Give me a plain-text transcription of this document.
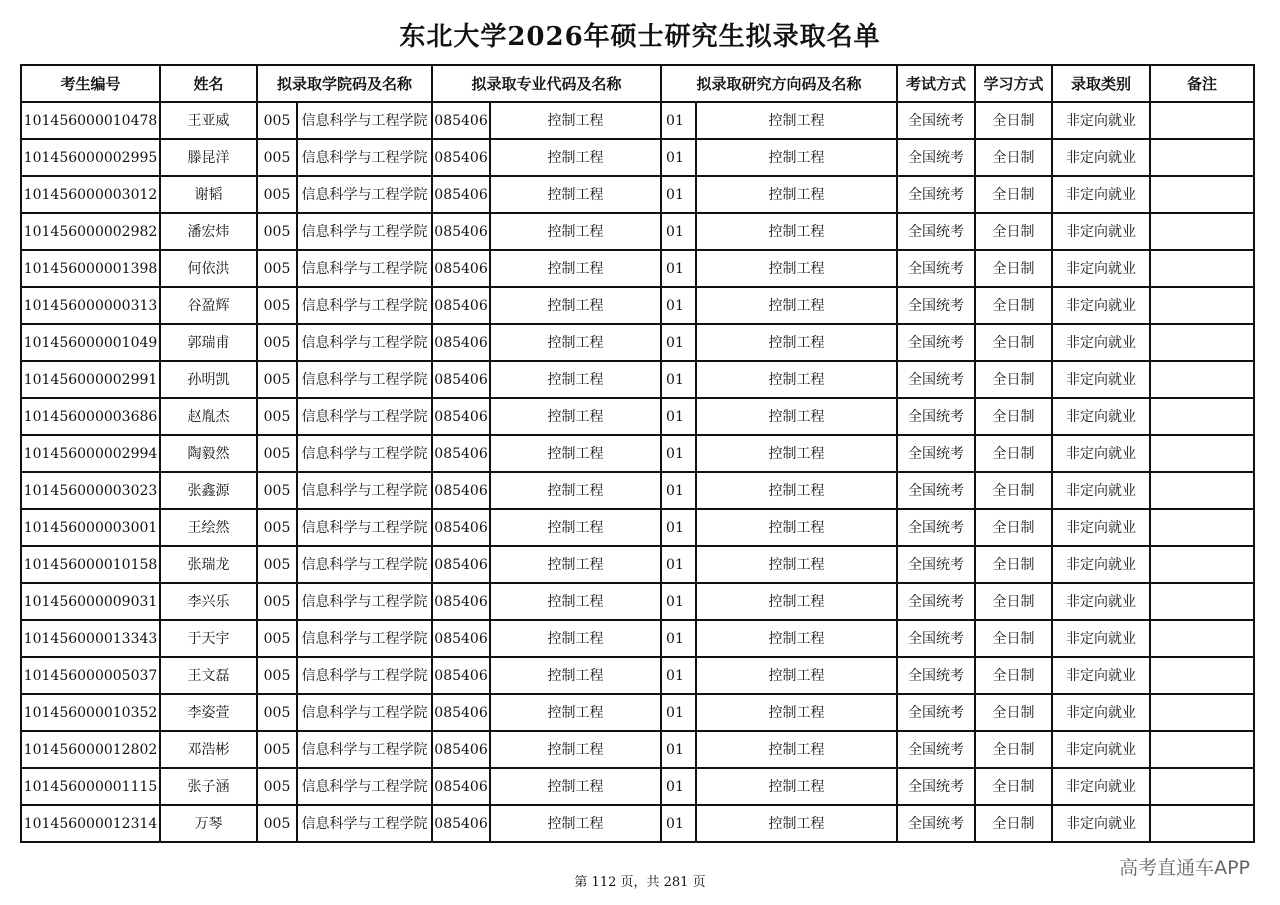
东北大学2026年硕士研究生拟录取名单
考生编号	姓名	拟录取学院码及名称		拟录取专业代码及名称		拟录取研究方向码及名称		考试方式	学习方式	录取类别	备注
101456000010478	王亚威	005	信息科学与工程学院	085406	控制工程	01	控制工程	全国统考	全日制	非定向就业	
101456000002995	滕昆洋	005	信息科学与工程学院	085406	控制工程	01	控制工程	全国统考	全日制	非定向就业	
101456000003012	谢韬	005	信息科学与工程学院	085406	控制工程	01	控制工程	全国统考	全日制	非定向就业	
101456000002982	潘宏炜	005	信息科学与工程学院	085406	控制工程	01	控制工程	全国统考	全日制	非定向就业	
101456000001398	何依洪	005	信息科学与工程学院	085406	控制工程	01	控制工程	全国统考	全日制	非定向就业	
101456000000313	谷盈辉	005	信息科学与工程学院	085406	控制工程	01	控制工程	全国统考	全日制	非定向就业	
101456000001049	郭瑞甫	005	信息科学与工程学院	085406	控制工程	01	控制工程	全国统考	全日制	非定向就业	
101456000002991	孙明凯	005	信息科学与工程学院	085406	控制工程	01	控制工程	全国统考	全日制	非定向就业	
101456000003686	赵胤杰	005	信息科学与工程学院	085406	控制工程	01	控制工程	全国统考	全日制	非定向就业	
101456000002994	陶毅然	005	信息科学与工程学院	085406	控制工程	01	控制工程	全国统考	全日制	非定向就业	
101456000003023	张鑫源	005	信息科学与工程学院	085406	控制工程	01	控制工程	全国统考	全日制	非定向就业	
101456000003001	王绘然	005	信息科学与工程学院	085406	控制工程	01	控制工程	全国统考	全日制	非定向就业	
101456000010158	张瑞龙	005	信息科学与工程学院	085406	控制工程	01	控制工程	全国统考	全日制	非定向就业	
101456000009031	李兴乐	005	信息科学与工程学院	085406	控制工程	01	控制工程	全国统考	全日制	非定向就业	
101456000013343	于天宇	005	信息科学与工程学院	085406	控制工程	01	控制工程	全国统考	全日制	非定向就业	
101456000005037	王文磊	005	信息科学与工程学院	085406	控制工程	01	控制工程	全国统考	全日制	非定向就业	
101456000010352	李姿萱	005	信息科学与工程学院	085406	控制工程	01	控制工程	全国统考	全日制	非定向就业	
101456000012802	邓浩彬	005	信息科学与工程学院	085406	控制工程	01	控制工程	全国统考	全日制	非定向就业	
101456000001115	张子涵	005	信息科学与工程学院	085406	控制工程	01	控制工程	全国统考	全日制	非定向就业	
101456000012314	万琴	005	信息科学与工程学院	085406	控制工程	01	控制工程	全国统考	全日制	非定向就业	
第 112 页，共 281 页
高考直通车APP
